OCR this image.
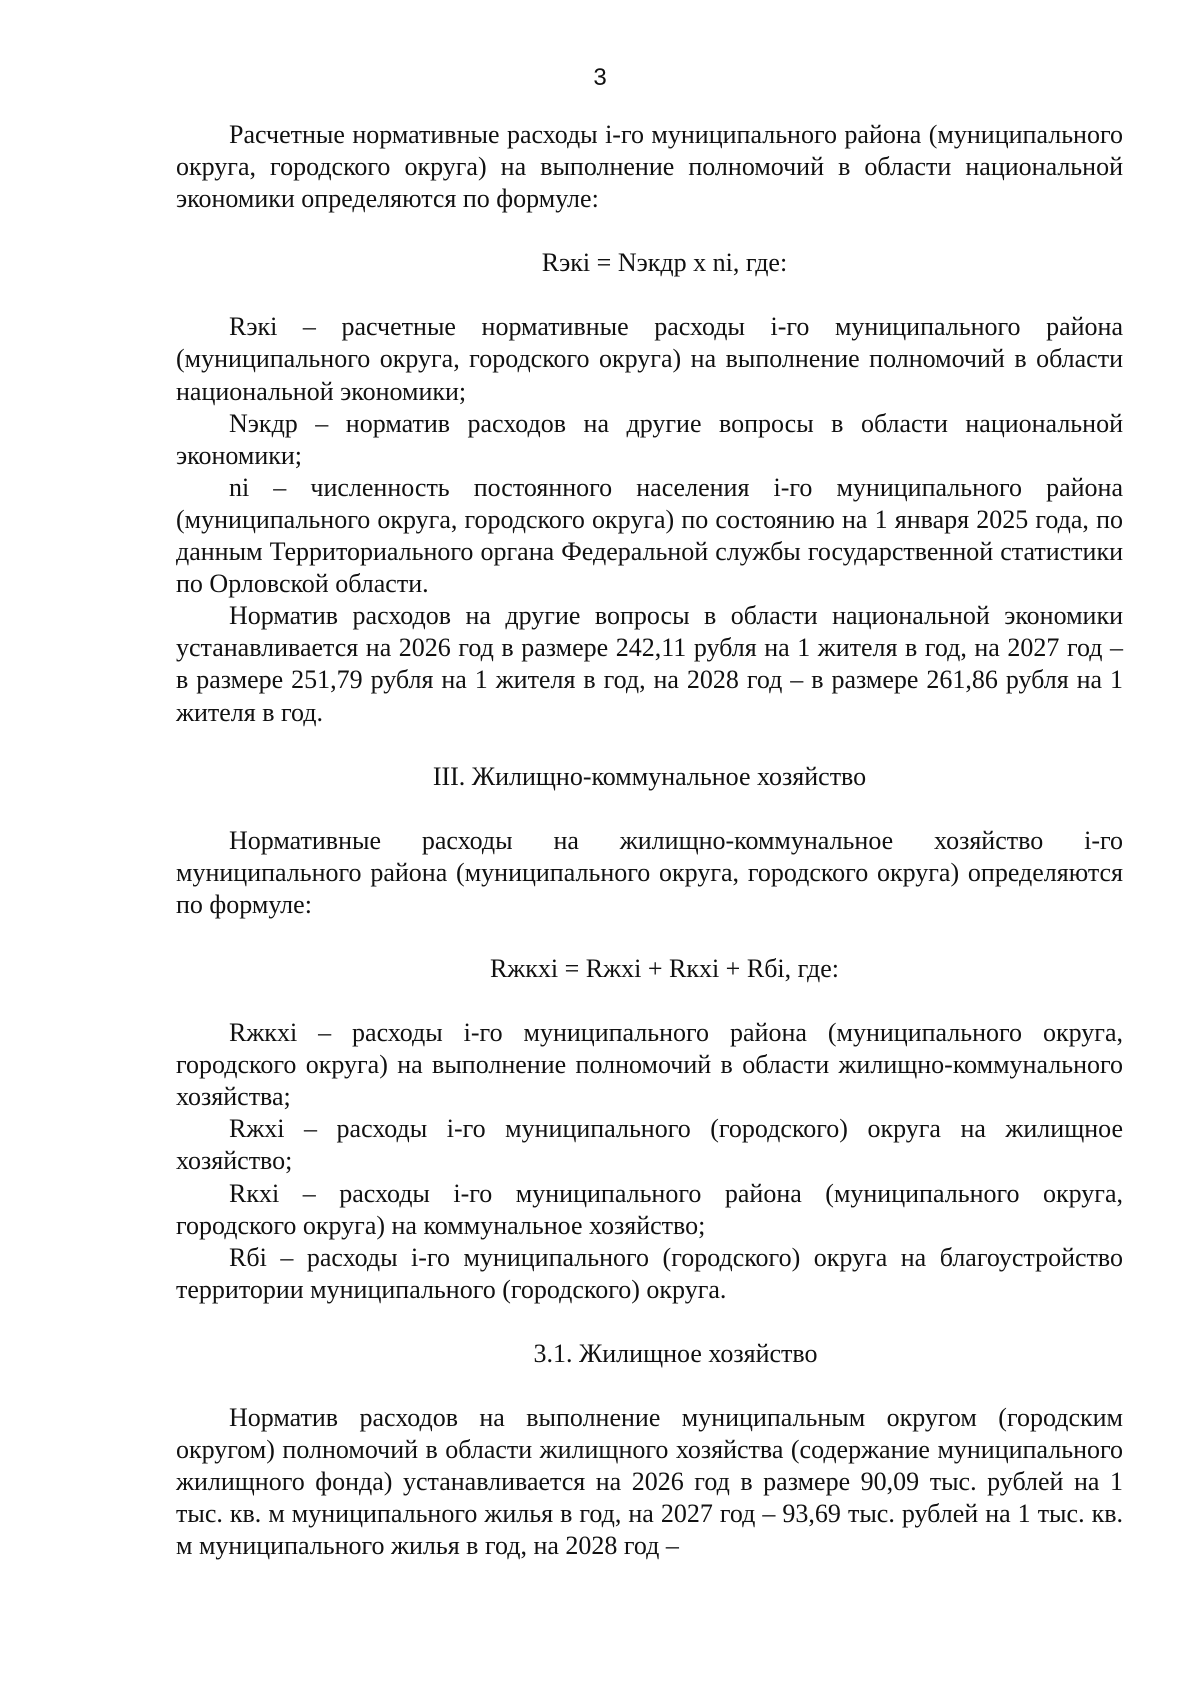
3

Расчетные нормативные расходы i-го муниципального района (муниципального округа, городского округа) на выполнение полномочий в области национальной экономики определяются по формуле:

Rэкi = Nэкдр x ni, где:

Rэкi – расчетные нормативные расходы i-го муниципального района (муниципального округа, городского округа) на выполнение полномочий в области национальной экономики;

Nэкдр – норматив расходов на другие вопросы в области национальной экономики;

ni – численность постоянного населения i-го муниципального района (муниципального округа, городского округа) по состоянию на 1 января 2025 года, по данным Территориального органа Федеральной службы государственной статистики по Орловской области.

Норматив расходов на другие вопросы в области национальной экономики устанавливается на 2026 год в размере 242,11 рубля на 1 жителя в год, на 2027 год – в размере 251,79 рубля на 1 жителя в год, на 2028 год – в размере 261,86 рубля на 1 жителя в год.

III. Жилищно-коммунальное хозяйство

Нормативные расходы на жилищно-коммунальное хозяйство i-го муниципального района (муниципального округа, городского округа) определяются по формуле:

Rжкхi = Rжхi + Rкхi + Rбi, где:

Rжкхi – расходы i-го муниципального района (муниципального округа, городского округа) на выполнение полномочий в области жилищно-коммунального хозяйства;

Rжхi – расходы i-го муниципального (городского) округа на жилищное хозяйство;

Rкхi – расходы i-го муниципального района (муниципального округа, городского округа) на коммунальное хозяйство;

Rбi – расходы i-го муниципального (городского) округа на благоустройство территории муниципального (городского) округа.

3.1. Жилищное хозяйство

Норматив расходов на выполнение муниципальным округом (городским округом) полномочий в области жилищного хозяйства (содержание муниципального жилищного фонда) устанавливается на 2026 год в размере 90,09 тыс. рублей на 1 тыс. кв. м муниципального жилья в год, на 2027 год – 93,69 тыс. рублей на 1 тыс. кв. м муниципального жилья в год, на 2028 год –
